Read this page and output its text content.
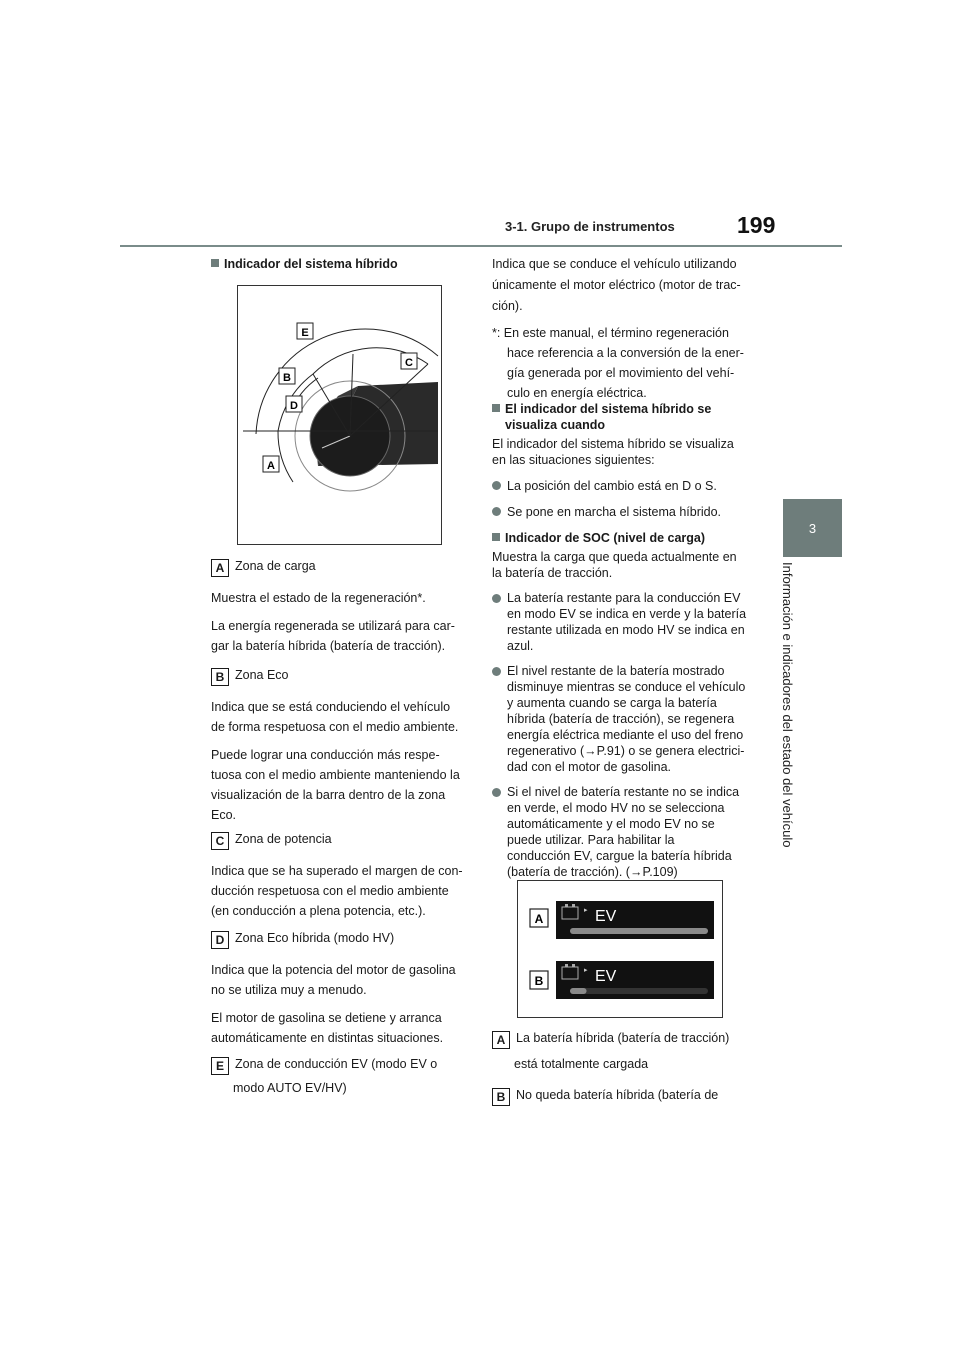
3-1. Grupo de instrumentos	199
3
Información e indicadores del estado del vehículo

Indicador del sistema híbrido

E
B
C
D
A

A Zona de carga

Muestra el estado de la regeneración*.

La energía regenerada se utilizará para car-

gar la batería híbrida (batería de tracción).

B Zona Eco

Indica que se está conduciendo el vehículo

de forma respetuosa con el medio ambiente.

Puede lograr una conducción más respe-

tuosa con el medio ambiente manteniendo la

visualización de la barra dentro de la zona

Eco.

C Zona de potencia

Indica que se ha superado el margen de con-

ducción respetuosa con el medio ambiente

(en conducción a plena potencia, etc.).

D Zona Eco híbrida (modo HV)

Indica que la potencia del motor de gasolina

no se utiliza muy a menudo.

El motor de gasolina se detiene y arranca

automáticamente en distintas situaciones.

E Zona de conducción EV (modo EV o

modo AUTO EV/HV)

Indica que se conduce el vehículo utilizando

únicamente el motor eléctrico (motor de trac-

ción).

*: En este manual, el término regeneración

hace referencia a la conversión de la ener-

gía generada por el movimiento del vehí-

culo en energía eléctrica.

El indicador del sistema híbrido se

visualiza cuando

El indicador del sistema híbrido se visualiza

en las situaciones siguientes:

La posición del cambio está en D o S.

Se pone en marcha el sistema híbrido.

Indicador de SOC (nivel de carga)

Muestra la carga que queda actualmente en

la batería de tracción.

La batería restante para la conducción EV

en modo EV se indica en verde y la batería

restante utilizada en modo HV se indica en

azul.

El nivel restante de la batería mostrado

disminuye mientras se conduce el vehículo

y aumenta cuando se carga la batería

híbrida (batería de tracción), se regenera

energía eléctrica mediante el uso del freno

regenerativo (→P.91) o se genera electrici-

dad con el motor de gasolina.

Si el nivel de batería restante no se indica

en verde, el modo HV no se selecciona

automáticamente y el modo EV no se

puede utilizar. Para habilitar la

conducción EV, cargue la batería híbrida

(batería de tracción). (→P.109)

A
B
▸ EV
▸ EV

A La batería híbrida (batería de tracción)

está totalmente cargada

B No queda batería híbrida (batería de
